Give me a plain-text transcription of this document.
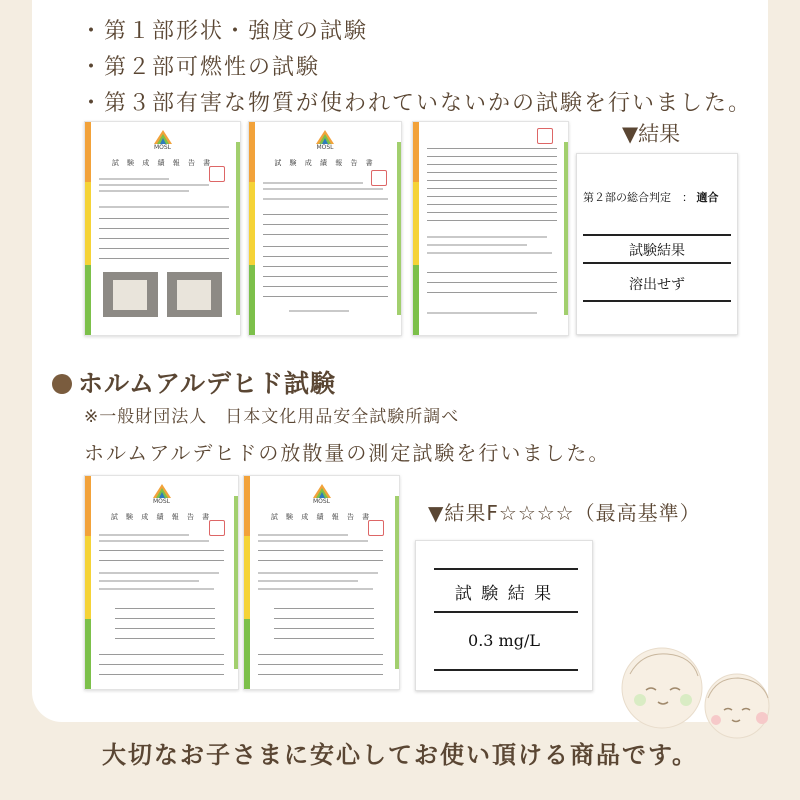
・第１部形状・強度の試験
・第２部可燃性の試験
・第３部有害な物質が使われていないかの試験を行いました。
MOSL
試 験 成 績 報 告 書
MOSL
試 験 成 績 報 告 書
▼結果
第２部の総合判定　： 適合
試験結果
溶出せず
ホルムアルデヒド試験
※一般財団法人　日本文化用品安全試験所調べ
ホルムアルデヒドの放散量の測定試験を行いました。
MOSL
試 験 成 績 報 告 書
MOSL
試 験 成 績 報 告 書	▼結果F☆☆☆☆（最高基準）
試 験 結 果
0.3 mg/L
大切なお子さまに安心してお使い頂ける商品です。
